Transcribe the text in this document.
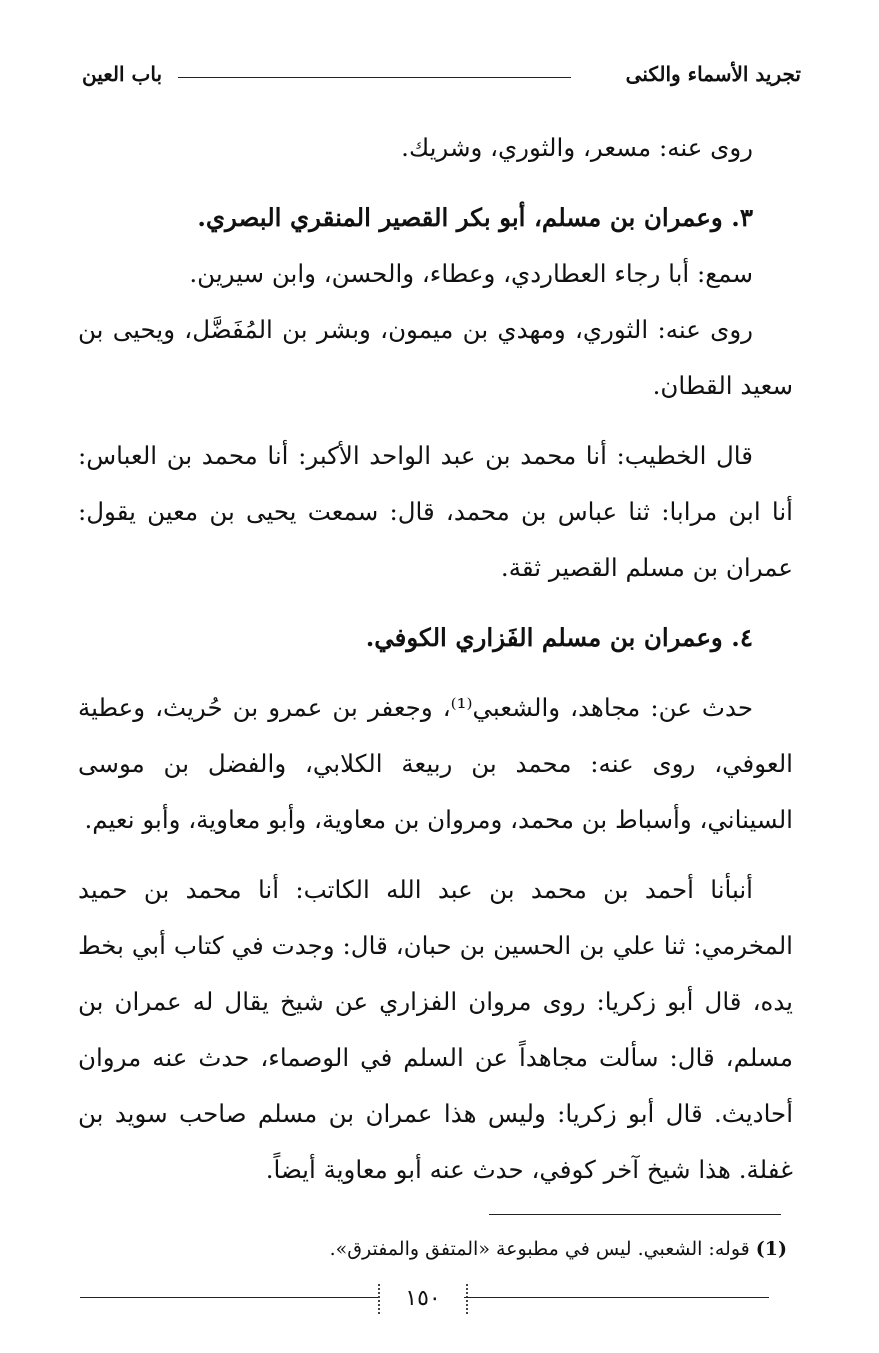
تجريد الأسماء والكنى
باب العين

روى عنه: مسعر، والثوري، وشريك.

٣. وعمران بن مسلم، أبو بكر القصير المنقري البصري.

سمع: أبا رجاء العطاردي، وعطاء، والحسن، وابن سيرين.

روى عنه: الثوري، ومهدي بن ميمون، وبشر بن المُفَضَّل، ويحيى بن سعيد القطان.

قال الخطيب: أنا محمد بن عبد الواحد الأكبر: أنا محمد بن العباس: أنا ابن مرابا: ثنا عباس بن محمد، قال: سمعت يحيى بن معين يقول: عمران بن مسلم القصير ثقة.

٤. وعمران بن مسلم الفَزاري الكوفي.

حدث عن: مجاهد، والشعبي⁽¹⁾، وجعفر بن عمرو بن حُريث، وعطية العوفي، روى عنه: محمد بن ربيعة الكلابي، والفضل بن موسى السيناني، وأسباط بن محمد، ومروان بن معاوية، وأبو معاوية، وأبو نعيم.

أنبأنا أحمد بن محمد بن عبد الله الكاتب: أنا محمد بن حميد المخرمي: ثنا علي بن الحسين بن حبان، قال: وجدت في كتاب أبي بخط يده، قال أبو زكريا: روى مروان الفزاري عن شيخ يقال له عمران بن مسلم، قال: سألت مجاهداً عن السلم في الوصماء، حدث عنه مروان أحاديث. قال أبو زكريا: وليس هذا عمران بن مسلم صاحب سويد بن غفلة. هذا شيخ آخر كوفي، حدث عنه أبو معاوية أيضاً.

(1) قوله: الشعبي. ليس في مطبوعة «المتفق والمفترق».
١٥٠
